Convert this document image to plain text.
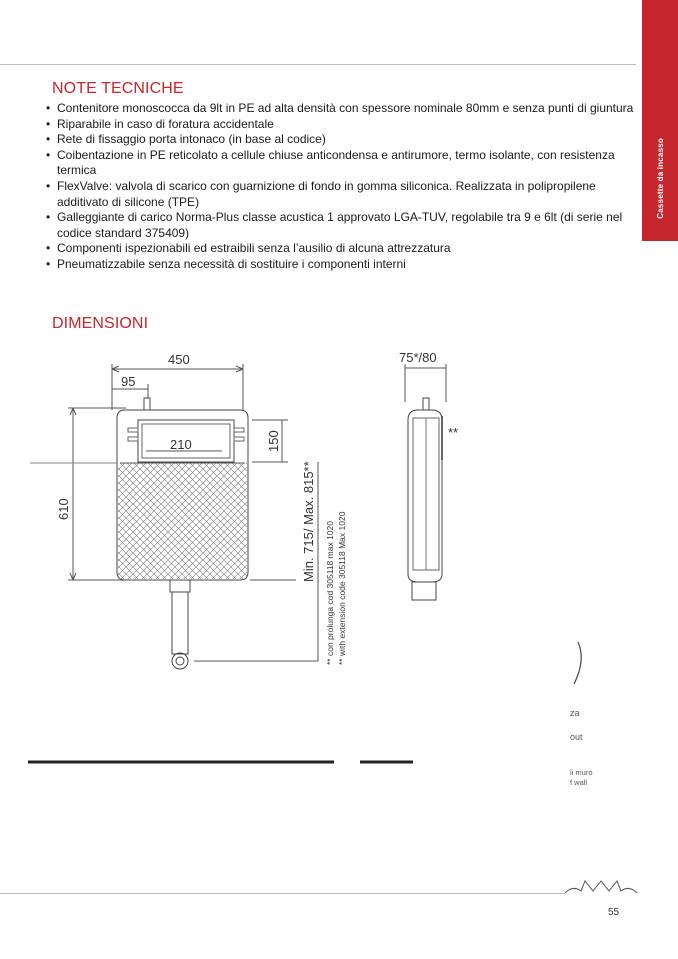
Cassette da incasso
NOTE TECNICHE
• Contenitore monoscocca da 9lt in PE ad alta densità con spessore nominale 80mm e senza punti di giuntura
• Riparabile in caso di foratura accidentale
• Rete di fissaggio porta intonaco (in base al codice)
• Coibentazione in PE reticolato a cellule chiuse anticondensa e antirumore, termo isolante, con resistenza termica
• FlexValve: valvola di scarico con guarnizione di fondo in gomma siliconica. Realizzata in polipropilene additivato di silicone (TPE)
• Galleggiante di carico Norma-Plus classe acustica 1 approvato LGA-TUV, regolabile tra 9 e 6lt (di serie nel codice standard 375409)
• Componenti ispezionabili ed estraibili senza l’ausilio di alcuna attrezzatura
• Pneumatizzabile senza necessità di sostituire i componenti interni
DIMENSIONI
450
95
210	150
610	Min. 715/ Max. 815** ** con prolunga cod 305118 max 1020 ** with extension code 305118 Max 1020
75*/80
**
za
out
li muro
f wall
55
